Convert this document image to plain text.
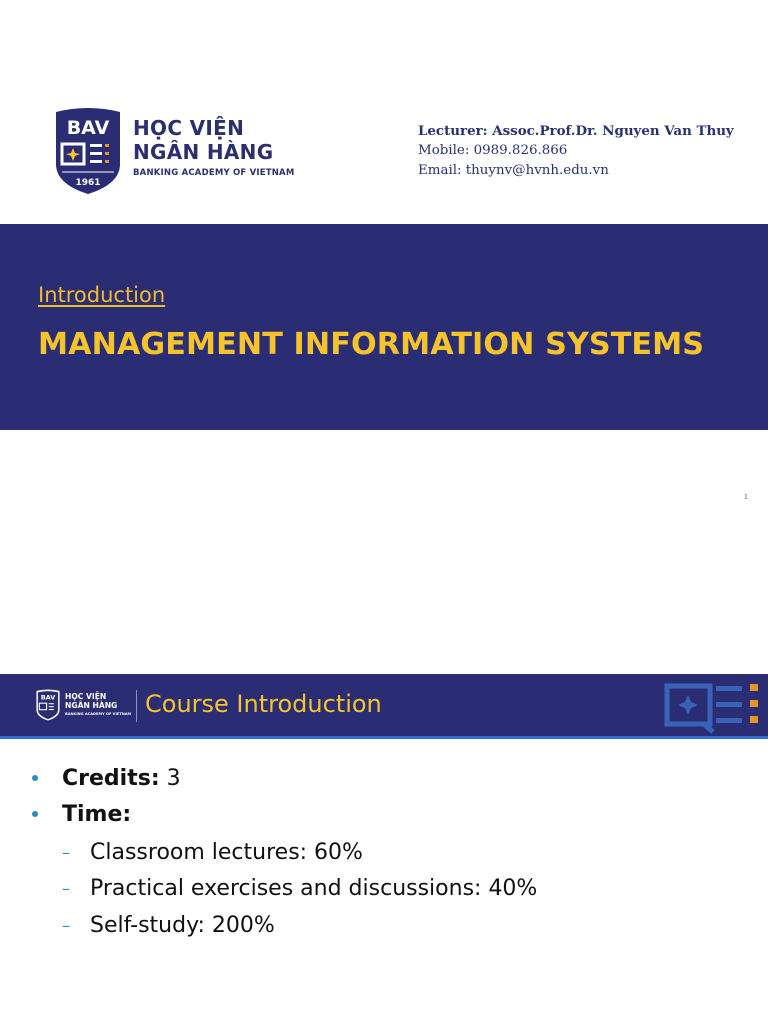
BAV
1961
HỌC VIỆN
NGÂN HÀNG
BANKING ACADEMY OF VIETNAM
Lecturer: Assoc.Prof.Dr. Nguyen Van Thuy
Mobile: 0989.826.866
Email: thuynv@hvnh.edu.vn
Introduction
MANAGEMENT INFORMATION SYSTEMS
1
BAV HỌC VIỆN
NGÂN HÀNG
BANKING ACADEMY OF VIETNAM Course Introduction
Credits: 3
Time:
– Classroom lectures: 60%
– Practical exercises and discussions: 40%
– Self-study: 200%
